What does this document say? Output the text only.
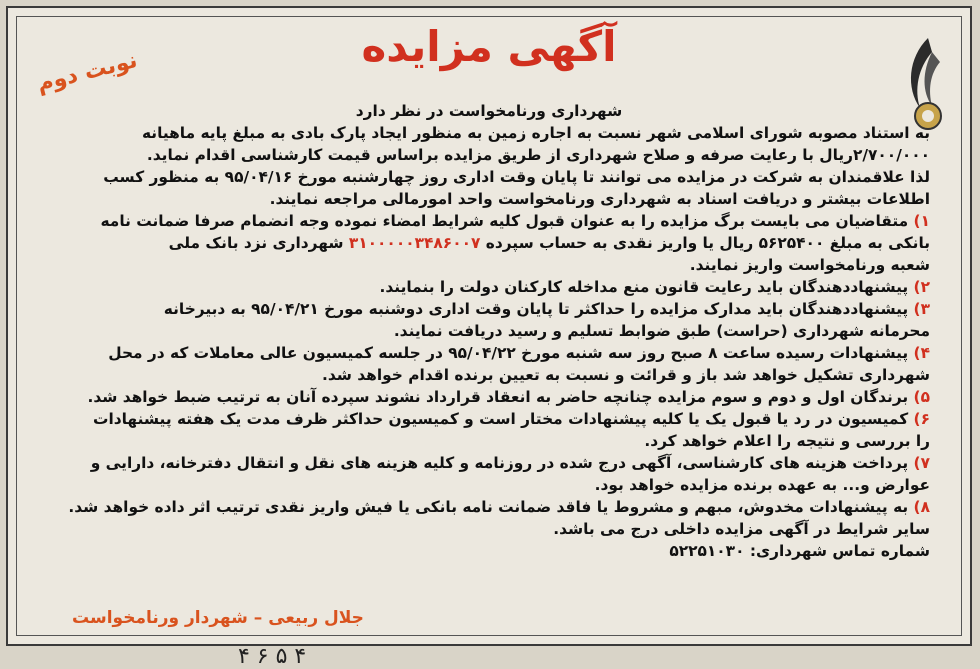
آگهی مزایده
نوبت دوم

شهرداری ورنامخواست در نظر دارد

به استناد مصوبه شورای اسلامی شهر نسبت به اجاره زمین به منظور ایجاد پارک بادی به مبلغ پایه ماهیانه

۲/۷۰۰/۰۰۰ریال با رعایت صرفه و صلاح شهرداری از طریق مزایده براساس قیمت کارشناسی اقدام نماید.

لذا علاقمندان به شرکت در مزایده می توانند تا پایان وقت اداری روز چهارشنبه مورخ ۹۵/۰۴/۱۶ به منظور کسب

اطلاعات بیشتر و دریافت اسناد به شهرداری ورنامخواست واحد امورمالی مراجعه نمایند.

۱) متقاضیان می بایست برگ مزایده را به عنوان قبول کلیه شرایط امضاء نموده وجه انضمام صرفا ضمانت نامه

بانکی به مبلغ ۵۶۲۵۴۰۰ ریال یا واریز نقدی به حساب سپرده ۳۱۰۰۰۰۰۳۴۸۶۰۰۷ شهرداری نزد بانک ملی

شعبه ورنامخواست واریز نمایند.

۲) پیشنهاددهندگان باید رعایت قانون منع مداخله کارکنان دولت را بنمایند.

۳) پیشنهاددهندگان باید مدارک مزایده را حداکثر تا پایان وقت اداری دوشنبه مورخ ۹۵/۰۴/۲۱ به دبیرخانه

محرمانه شهرداری (حراست) طبق ضوابط تسلیم و رسید دریافت نمایند.

۴) پیشنهادات رسیده ساعت ۸ صبح روز سه شنبه مورخ ۹۵/۰۴/۲۲ در جلسه کمیسیون عالی معاملات که در محل

شهرداری تشکیل خواهد شد باز و قرائت و نسبت به تعیین برنده اقدام خواهد شد.

۵) برندگان اول و دوم و سوم مزایده چنانچه حاضر به انعقاد قرارداد نشوند سپرده آنان به ترتیب ضبط خواهد شد.

۶) کمیسیون در رد یا قبول یک یا کلیه پیشنهادات مختار است و کمیسیون حداکثر ظرف مدت یک هفته پیشنهادات

را بررسی و نتیجه را اعلام خواهد کرد.

۷) پرداخت هزینه های کارشناسی، آگهی درج شده در روزنامه و کلیه هزینه های نقل و انتقال دفترخانه، دارایی و

عوارض و... به عهده برنده مزایده خواهد بود.

۸) به پیشنهادات مخدوش، مبهم و مشروط یا فاقد ضمانت نامه بانکی یا فیش واریز نقدی ترتیب اثر داده خواهد شد.

سایر شرایط در آگهی مزایده داخلی درج می باشد.

شماره تماس شهرداری: ۵۲۲۵۱۰۳۰

جلال ربیعی – شهردار ورنامخواست
۴ ۶ ۵ ۴
